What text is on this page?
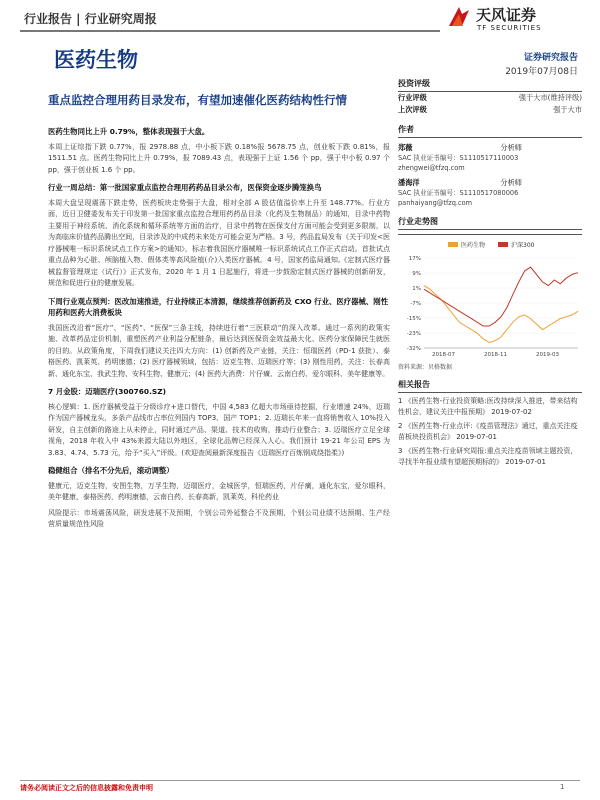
行业报告 | 行业研究周报	天风证券
TF SECURITIES
医药生物	证券研究报告
2019年07月08日
重点监控合理用药目录发布，有望加速催化医药结构性行情
医药生物同比上升 0.79%，整体表现强于大盘。
本周上证综指下跌 0.77%，报 2978.88 点，中小板下跌 0.18%报 5678.75 点，创业板下跌 0.81%，报 1511.51 点。医药生物同比上升 0.79%，报 7089.43 点，表现强于上证 1.56 个 pp，强于中小板 0.97 个 pp，强于创业板 1.6 个 pp。
行业一周总结：第一批国家重点监控合理用药药品目录公布，医保资金逐步腾笼换鸟
本周大盘呈现震荡下跌走势，医药板块走势强于大盘，相对全部 A 股估值溢价率上升至 148.77%。行业方面，近日卫健委发布关于印发第一批国家重点监控合理用药药品目录（化药及生物制品）的通知，目录中药物主要用于神经系统、消化系统和循环系统等方面的治疗，目录中药物在医保支付方面可能会受到更多限制，以为高临床价值药品腾出空间，目录涉及的中成药未来处方可能会更为严格。3 号，药品监局发布《关于印发<医疗器械唯一标识系统试点工作方案>的通知》，标志着我国医疗器械唯一标识系统试点工作正式启动。首批试点重点品种为心脏、颅脑植入物、假体类等高风险植(介)入类医疗器械。4 号，国家药监局通知,《定制式医疗器械监督管理规定（试行）》正式发布，2020 年 1 月 1 日起施行，将进一步鼓励定制式医疗器械的创新研发，规范和促进行业的健康发展。
下周行业观点预判：医改加速推进，行业持续正本清源，继续推荐创新药及 CXO 行业、医疗器械、刚性用药和医药大消费板块
我国医改沿着“医疗”、“医药”、“医保”三条主线，持续进行着“三医联动”的深入改革。通过一系列的政策实施、改革药品定价机制，重塑医药产业利益分配链条，最后达到医保资金效益最大化、医药分家保障民生就医的目的。从政策角度，下周我们建议关注四大方向：(1) 创新药及产业链，关注：恒瑞医药（PD-1 获批）、泰格医药、凯莱英、药明康德；(2) 医疗器械领域，包括：迈克生物、迈瑞医疗等；(3) 刚性用药，关注：长春高新、通化东宝、我武生物、安科生物、健康元；(4) 医药大消费：片仔癀、云南白药、爱尔眼科、美年健康等。
7 月金股：迈瑞医疗(300760.SZ)
核心逻辑：1. 医疗器械受益于分级诊疗+进口替代，中国 4,583 亿超大市场亟待挖掘，行业增速 24%，迈瑞作为国产器械龙头，多条产品线市占率位列国内 TOP3、国产 TOP1；2. 迈瑞长年来一直将销售收入 10%投入研发，自主创新的路途上从未停止，同时通过产品、渠道、技术的收购，推动行业整合；3. 迈瑞医疗立足全球视角，2018 年收入中 43%来源大陆以外地区，全球化品牌已经深入人心。我们预计 19-21 年公司 EPS 为 3.83、4.74、5.73 元，给予“买入”评级。(欢迎查阅最新深度报告《迈瑞医疗百炼钢成绕指柔》)
稳健组合（排名不分先后，滚动调整）
健康元，迈克生物，安图生物，万孚生物，迈瑞医疗，金城医学，恒瑞医药，片仔癀，通化东宝，爱尔眼科，美年健康，泰格医药，药明康德，云南白药，长春高新，凯莱英，科伦药业
风险提示：市场震荡风险，研发进展不及预期，个别公司外延整合不及预期，个别公司业绩不达预期、生产经营质量规范性风险
投资评级
行业评级	强于大市(维持评级)
上次评级	强于大市
作者
郑薇	分析师
SAC 执业证书编号：S1110517110003
zhengwei@tfzq.com
潘海洋	分析师
SAC 执业证书编号：S1110517080006
panhaiyang@tfzq.com
行业走势图
医药生物	沪深300
17%
9%
1%
-7%
-15%
-23%
-32%
2018-07	2018-11	2019-03
资料来源：贝格数据
相关报告
1 《医药生物-行业投资策略:医改持续深入推进，带来结构性机会，建议关注中报预期》 2019-07-02
2 《医药生物-行业点评:《疫苗管理法》通过，重点关注疫苗板块投资机会》 2019-07-01
3 《医药生物-行业研究周报:重点关注疫苗领域主题投资，寻找半年报业绩有望超预期标的》 2019-07-01
请务必阅读正文之后的信息披露和免责申明	1
